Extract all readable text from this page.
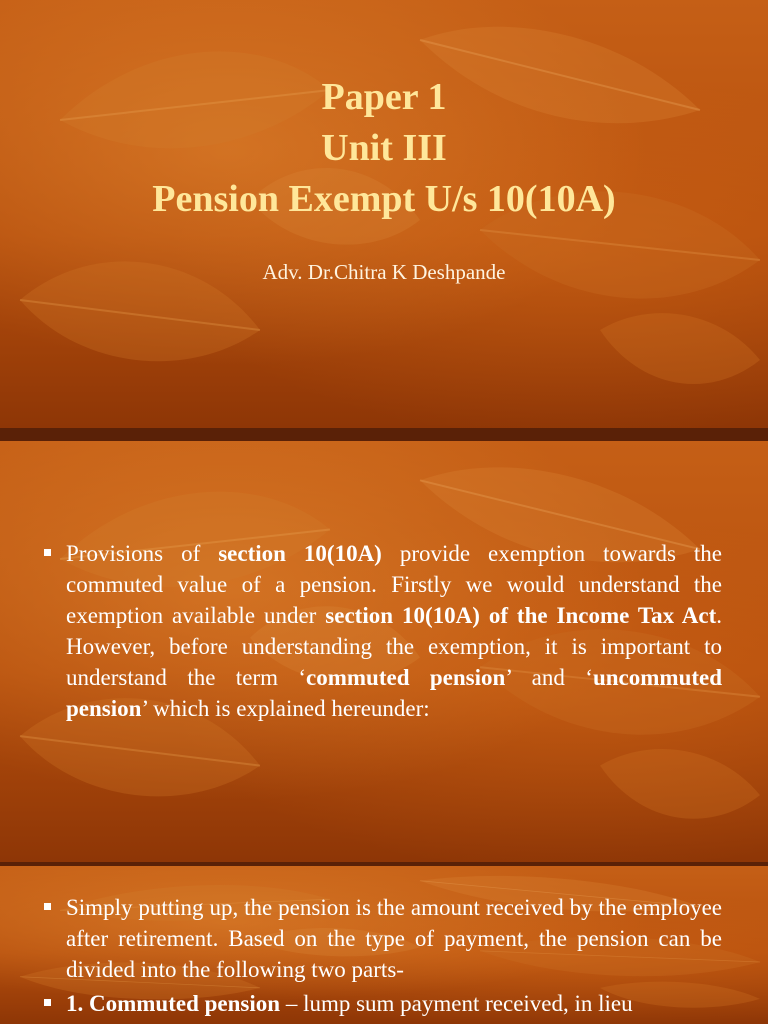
Paper 1
Unit III
Pension Exempt U/s 10(10A)
Adv. Dr.Chitra K Deshpande
Provisions of section 10(10A) provide exemption towards the commuted value of a pension. Firstly we would understand the exemption available under section 10(10A) of the Income Tax Act. However, before understanding the exemption, it is important to understand the term ‘commuted pension’ and ‘uncommuted pension’ which is explained hereunder:
Simply putting up, the pension is the amount received by the employee after retirement. Based on the type of payment, the pension can be divided into the following two parts-
1. Commuted pension – lump sum payment received, in lieu
